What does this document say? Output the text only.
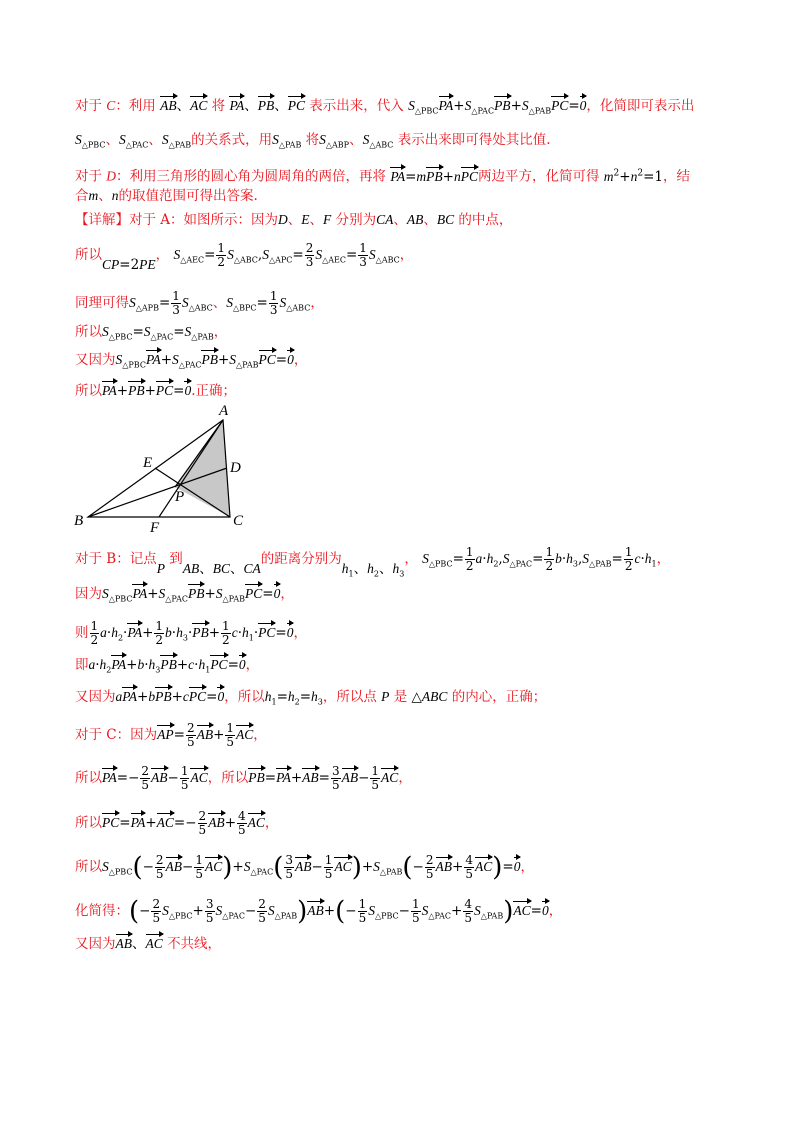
对于 C：利用 AB、AC 将 PA、PB、PC 表示出来，代入 $S_{\triangle PBC}PA+S_{\triangle PAC}PB+S_{\triangle PAB}PC=0$，化简即可表示出
$S_{\triangle PBC}$、$S_{\triangle PAC}$、$S_{\triangle PAB}$的关系式，用$S_{\triangle PAB}$ 将$S_{\triangle ABP}$、$S_{\triangle ABC}$ 表示出来即可得处其比值.
对于 D：利用三角形的圆心角为圆周角的两倍，再将 PA=mPB+nPC两边平方，化简可得 $m^2+n^2=1$，结
合m、n的取值范围可得出答案.
【详解】对于 A：如图所示：因为D、E、F 分别为CA、AB、BC 的中点，
所以CP=2PE， $S_{\triangle AEC}= \frac{1}{2} S_{\triangle ABC},S_{\triangle APC}= \frac{2}{3} S_{\triangle AEC}= \frac{1}{3} S_{\triangle ABC}$，
同理可得$S_{\triangle APB}= \frac{1}{3} S_{\triangle ABC}$、$S_{\triangle BPC}= \frac{1}{3} S_{\triangle ABC}$，
所以$S_{\triangle PBC}=S_{\triangle PAC}=S_{\triangle PAB}$，
又因为$S_{\triangle PBC}PA+S_{\triangle PAC}PB+S_{\triangle PAB}PC=0$，
所以PA+PB+PC=0.正确；
A
B	C
D
E
F
P
对于 B：记点P 到AB、BC、CA的距离分别为$h_1$、$h_2$、$h_3$， $S_{\triangle PBC}= \frac{1}{2} a\cdot h_2,S_{\triangle PAC}= \frac{1}{2} b\cdot h_3,S_{\triangle PAB}= \frac{1}{2} c\cdot h_1$，
因为$S_{\triangle PBC}PA+S_{\triangle PAC}PB+S_{\triangle PAB}PC=0$，
则 $\frac{1}{2} a\cdot h_2\cdot PA+ \frac{1}{2} b\cdot h_3\cdot PB+ \frac{1}{2} c\cdot h_1\cdot PC=0$，
即$a\cdot h_2PA+b\cdot h_3PB+c\cdot h_1PC=0$，
又因为aPA+bPB+cPC=0，所以$h_1=h_2=h_3$，所以点 P 是 △ABC 的内心，正确；
对于 C：因为$AP= \frac{2}{5} AB+ \frac{1}{5}$ AC，
所以$PA=- \frac{2}{5} AB- \frac{1}{5}$ AC，所以$PB=PA+AB= \frac{3}{5} AB- \frac{1}{5}$ AC，
所以$PC=PA+AC=- \frac{2}{5} AB+ \frac{4}{5}$ AC，
所以$S_{\triangle PBC}(- \frac{2}{5} AB- \frac{1}{5} AC)+S_{\triangle PAC}( \frac{3}{5} AB- \frac{1}{5} AC)+S_{\triangle PAB}(- \frac{2}{5} AB+ \frac{4}{5} AC)=0$，
化简得：(− $\frac{2}{5} S_{\triangle PBC}+ \frac{3}{5} S_{\triangle PAC}- \frac{2}{5} S_{\triangle PAB})AB+(- \frac{1}{5} S_{\triangle PBC}- \frac{1}{5} S_{\triangle PAC}+ \frac{4}{5} S_{\triangle PAB})AC=0$，
又因为AB、AC 不共线，
